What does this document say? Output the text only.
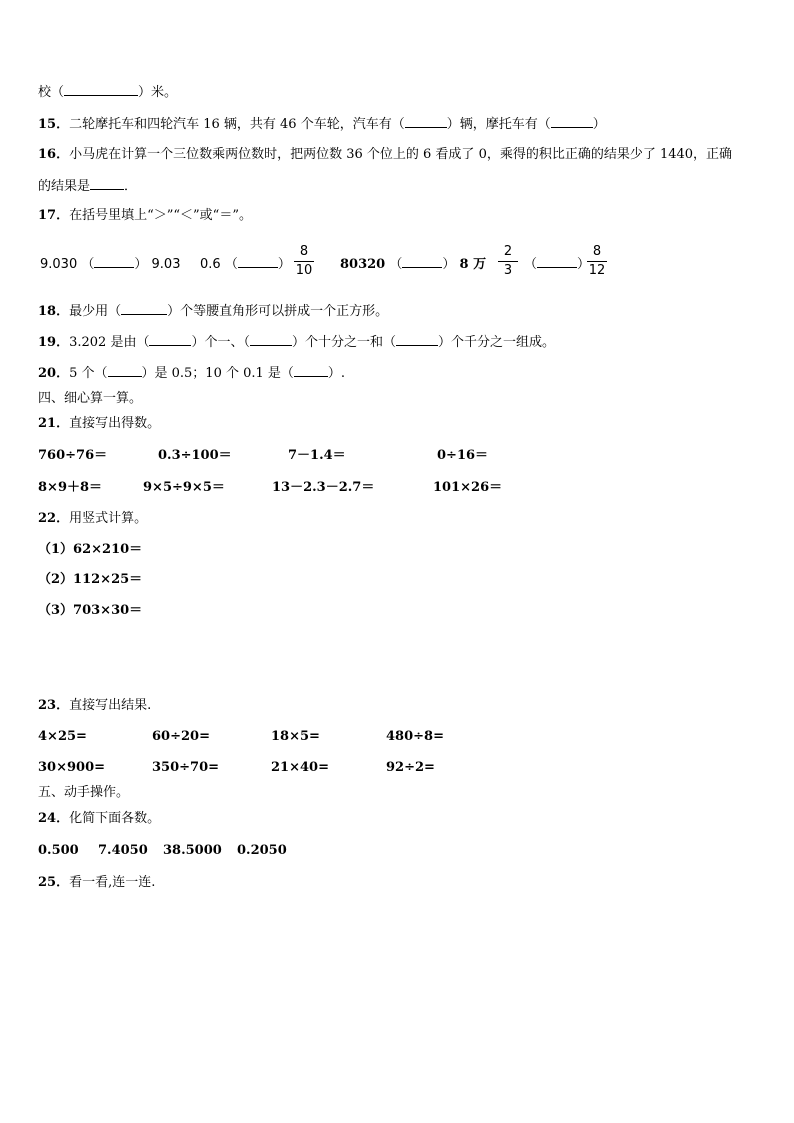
校（	）米。
15．二轮摩托车和四轮汽车 16 辆，共有 46 个车轮，汽车有（	）辆，摩托车有（	）
16．小马虎在计算一个三位数乘两位数时，把两位数 36 个位上的 6 看成了 0，乘得的积比正确的结果少了 1440，正确
的结果是	．
17．在括号里填上“＞”“＜”或“＝”。
9.030 （	） 9.03 0.6 （	）
8
10 80320 （	） 8 万
2
3 （	）
8
12
18．最少用（	）个等腰直角形可以拼成一个正方形。
19．3.202 是由（	）个一、（	）个十分之一和（	）个千分之一组成。
20．5 个（	）是 0.5；10 个 0.1 是（	）.
四、细心算一算。
21．直接写出得数。
760÷76＝	0.3÷100＝	7－1.4＝	0÷16＝
8×9＋8＝	9×5÷9×5＝	13－2.3－2.7＝	101×26＝
22．用竖式计算。
（1）62×210＝
（2）112×25＝
（3）703×30＝
23．直接写出结果.
4×25=	60÷20=	18×5=	480÷8=
30×900=	350÷70=	21×40=	92÷2=
五、动手操作。
24．化简下面各数。
0.500 7.4050 38.5000 0.2050
25．看一看,连一连.
